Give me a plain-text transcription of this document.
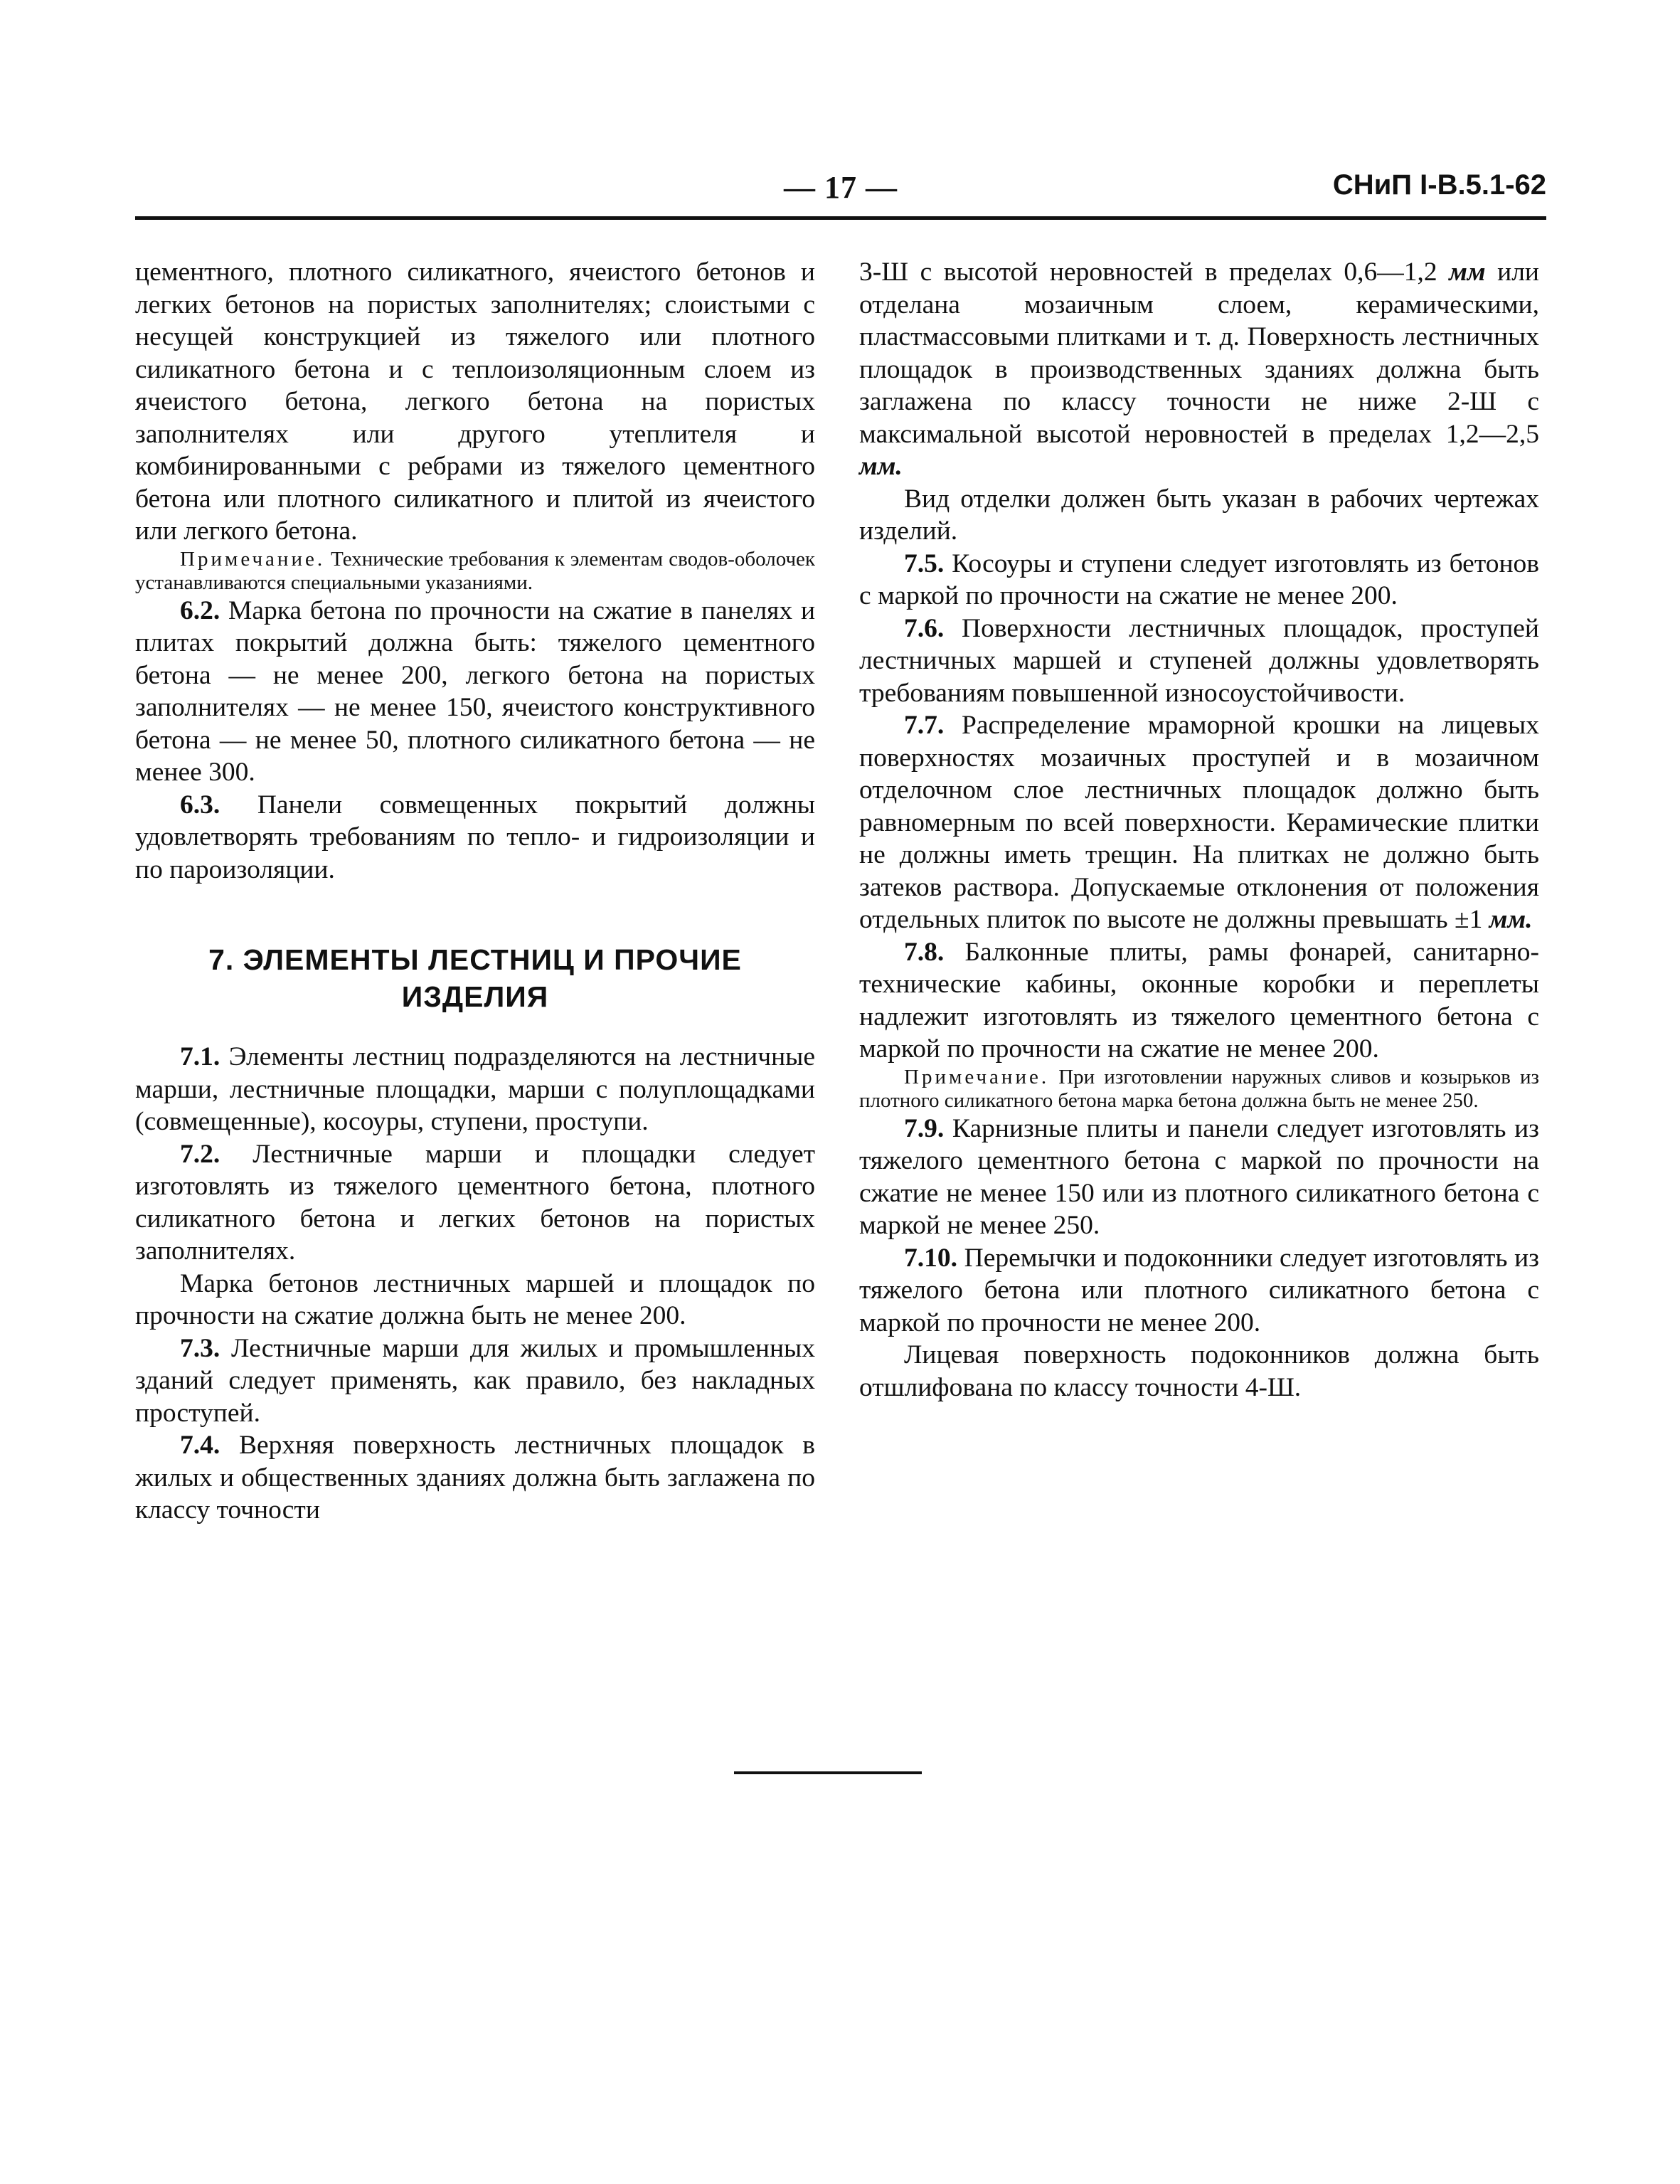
— 17 —	СНиП I-В.5.1-62

цементного, плотного силикатного, ячеистого бетонов и легких бетонов на пористых заполнителях; слоистыми с несущей конструкцией из тяжелого или плотного силикатного бетона и с теплоизоляционным слоем из ячеистого бетона, легкого бетона на пористых заполнителях или другого утеплителя и комбинированными с ребрами из тяжелого цементного бетона или плотного силикатного и плитой из ячеистого или легкого бетона.

Примечание. Технические требования к элементам сводов-оболочек устанавливаются специальными указаниями.

6.2. Марка бетона по прочности на сжатие в панелях и плитах покрытий должна быть: тяжелого цементного бетона — не менее 200, легкого бетона на пористых заполнителях — не менее 150, ячеистого конструктивного бетона — не менее 50, плотного силикатного бетона — не менее 300.

6.3. Панели совмещенных покрытий должны удовлетворять требованиям по тепло- и гидроизоляции и по пароизоляции.

7. ЭЛЕМЕНТЫ ЛЕСТНИЦ И ПРОЧИЕ ИЗДЕЛИЯ

7.1. Элементы лестниц подразделяются на лестничные марши, лестничные площадки, марши с полуплощадками (совмещенные), косоуры, ступени, проступи.

7.2. Лестничные марши и площадки следует изготовлять из тяжелого цементного бетона, плотного силикатного бетона и легких бетонов на пористых заполнителях.

Марка бетонов лестничных маршей и площадок по прочности на сжатие должна быть не менее 200.

7.3. Лестничные марши для жилых и промышленных зданий следует применять, как правило, без накладных проступей.

7.4. Верхняя поверхность лестничных площадок в жилых и общественных зданиях должна быть заглажена по классу точности

3-Ш с высотой неровностей в пределах 0,6—1,2 мм или отделана мозаичным слоем, керамическими, пластмассовыми плитками и т. д. Поверхность лестничных площадок в производственных зданиях должна быть заглажена по классу точности не ниже 2-Ш с максимальной высотой неровностей в пределах 1,2—2,5 мм.

Вид отделки должен быть указан в рабочих чертежах изделий.

7.5. Косоуры и ступени следует изготовлять из бетонов с маркой по прочности на сжатие не менее 200.

7.6. Поверхности лестничных площадок, проступей лестничных маршей и ступеней должны удовлетворять требованиям повышенной износоустойчивости.

7.7. Распределение мраморной крошки на лицевых поверхностях мозаичных проступей и в мозаичном отделочном слое лестничных площадок должно быть равномерным по всей поверхности. Керамические плитки не должны иметь трещин. На плитках не должно быть затеков раствора. Допускаемые отклонения от положения отдельных плиток по высоте не должны превышать ±1 мм.

7.8. Балконные плиты, рамы фонарей, санитарно-технические кабины, оконные коробки и переплеты надлежит изготовлять из тяжелого цементного бетона с маркой по прочности на сжатие не менее 200.

Примечание. При изготовлении наружных сливов и козырьков из плотного силикатного бетона марка бетона должна быть не менее 250.

7.9. Карнизные плиты и панели следует изготовлять из тяжелого цементного бетона с маркой по прочности на сжатие не менее 150 или из плотного силикатного бетона с маркой не менее 250.

7.10. Перемычки и подоконники следует изготовлять из тяжелого бетона или плотного силикатного бетона с маркой по прочности не менее 200.

Лицевая поверхность подоконников должна быть отшлифована по классу точности 4-Ш.
